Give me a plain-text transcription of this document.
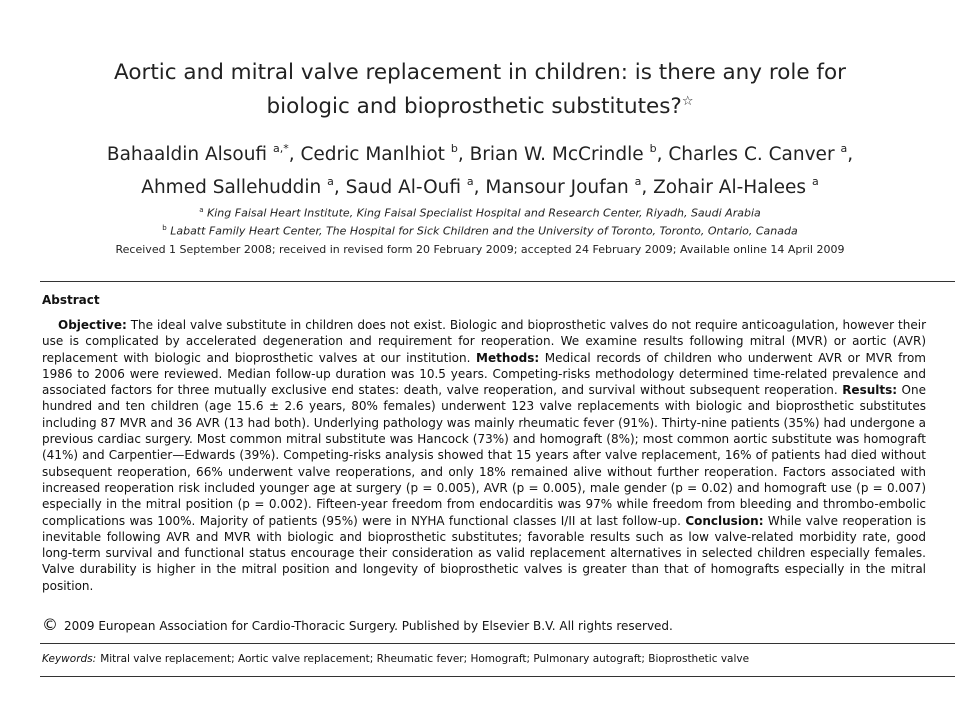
Aortic and mitral valve replacement in children: is there any role for
biologic and bioprosthetic substitutes?☆
Bahaaldin Alsoufi $^{a,*}$, Cedric Manlhiot $^b$, Brian W. McCrindle $^b$, Charles C. Canver $^a$,
Ahmed Sallehuddin $^a$, Saud Al-Oufi $^a$, Mansour Joufan $^a$, Zohair Al-Halees $^a$
$^a$ King Faisal Heart Institute, King Faisal Specialist Hospital and Research Center, Riyadh, Saudi Arabia
$^b$ Labatt Family Heart Center, The Hospital for Sick Children and the University of Toronto, Toronto, Ontario, Canada
Received 1 September 2008; received in revised form 20 February 2009; accepted 24 February 2009; Available online 14 April 2009
Abstract
Objective: The ideal valve substitute in children does not exist. Biologic and bioprosthetic valves do not require anticoagulation, however their use is complicated by accelerated degeneration and requirement for reoperation. We examine results following mitral (MVR) or aortic (AVR) replacement with biologic and bioprosthetic valves at our institution. Methods: Medical records of children who underwent AVR or MVR from 1986 to 2006 were reviewed. Median follow-up duration was 10.5 years. Competing-risks methodology determined time-related prevalence and associated factors for three mutually exclusive end states: death, valve reoperation, and survival without subsequent reoperation. Results: One hundred and ten children (age 15.6 ± 2.6 years, 80% females) underwent 123 valve replacements with biologic and bioprosthetic substitutes including 87 MVR and 36 AVR (13 had both). Underlying pathology was mainly rheumatic fever (91%). Thirty-nine patients (35%) had undergone a previous cardiac surgery. Most common mitral substitute was Hancock (73%) and homograft (8%); most common aortic substitute was homograft (41%) and Carpentier—Edwards (39%). Competing-risks analysis showed that 15 years after valve replacement, 16% of patients had died without subsequent reoperation, 66% underwent valve reoperations, and only 18% remained alive without further reoperation. Factors associated with increased reoperation risk included younger age at surgery (p = 0.005), AVR (p = 0.005), male gender (p = 0.02) and homograft use (p = 0.007) especially in the mitral position (p = 0.002). Fifteen-year freedom from endocarditis was 97% while freedom from bleeding and thrombo-embolic complications was 100%. Majority of patients (95%) were in NYHA functional classes I/II at last follow-up. Conclusion: While valve reoperation is inevitable following AVR and MVR with biologic and bioprosthetic substitutes; favorable results such as low valve-related morbidity rate, good long-term survival and functional status encourage their consideration as valid replacement alternatives in selected children especially females. Valve durability is higher in the mitral position and longevity of bioprosthetic valves is greater than that of homografts especially in the mitral position.
© 2009 European Association for Cardio-Thoracic Surgery. Published by Elsevier B.V. All rights reserved.
Keywords: Mitral valve replacement; Aortic valve replacement; Rheumatic fever; Homograft; Pulmonary autograft; Bioprosthetic valve
